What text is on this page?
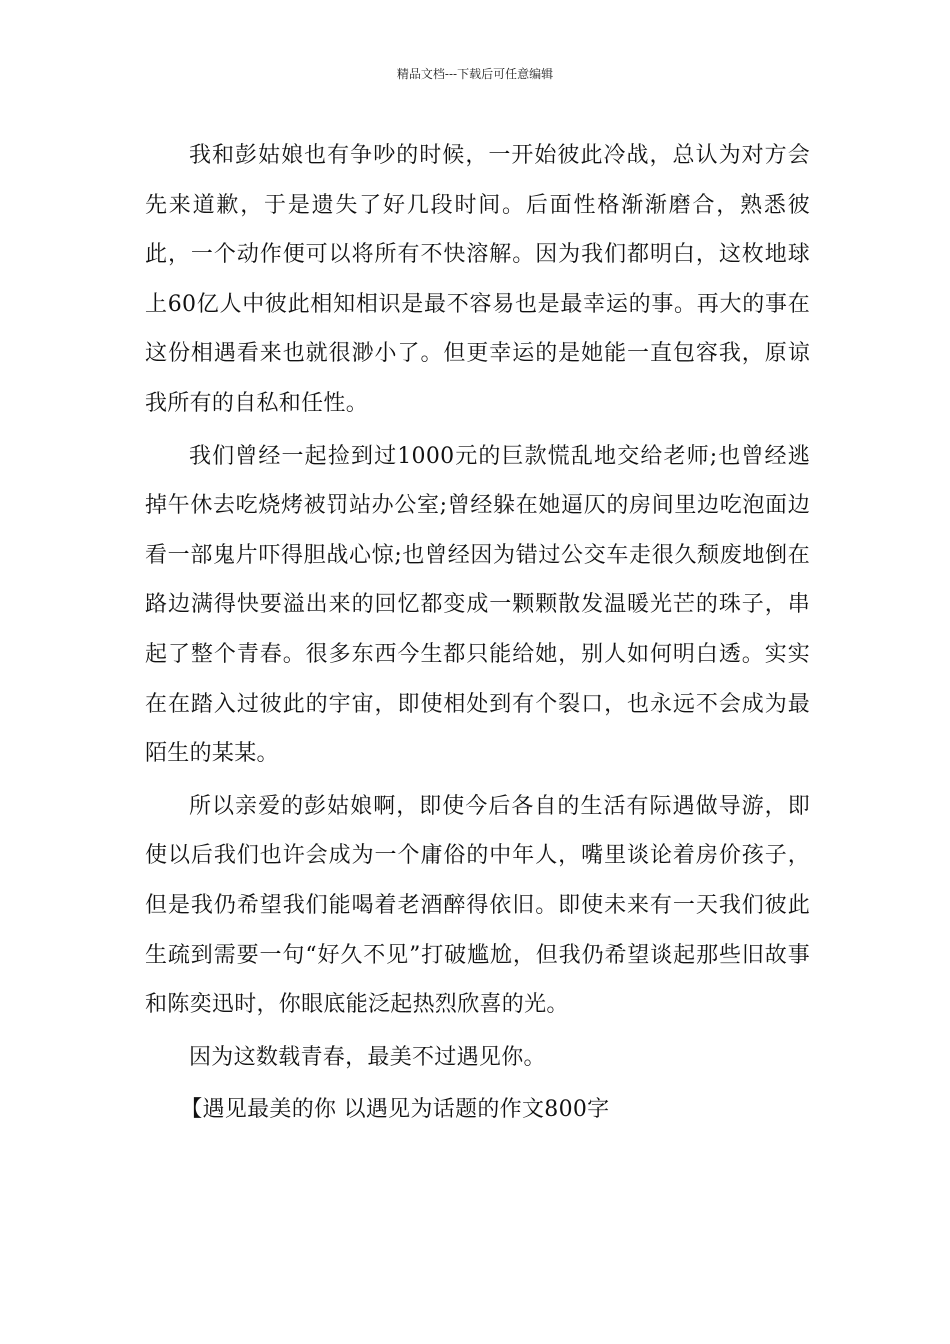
精品文档---下载后可任意编辑

我和彭姑娘也有争吵的时候，一开始彼此冷战，总认为对方会先来道歉，于是遗失了好几段时间。后面性格渐渐磨合，熟悉彼此，一个动作便可以将所有不快溶解。因为我们都明白，这枚地球上60亿人中彼此相知相识是最不容易也是最幸运的事。再大的事在这份相遇看来也就很渺小了。但更幸运的是她能一直包容我，原谅我所有的自私和任性。

我们曾经一起捡到过1000元的巨款慌乱地交给老师;也曾经逃掉午休去吃烧烤被罚站办公室;曾经躲在她逼仄的房间里边吃泡面边看一部鬼片吓得胆战心惊;也曾经因为错过公交车走很久颓废地倒在路边满得快要溢出来的回忆都变成一颗颗散发温暖光芒的珠子，串起了整个青春。很多东西今生都只能给她，别人如何明白透。实实在在踏入过彼此的宇宙，即使相处到有个裂口，也永远不会成为最陌生的某某。

所以亲爱的彭姑娘啊，即使今后各自的生活有际遇做导游，即使以后我们也许会成为一个庸俗的中年人，嘴里谈论着房价孩子，但是我仍希望我们能喝着老酒醉得依旧。即使未来有一天我们彼此生疏到需要一句“好久不见”打破尴尬，但我仍希望谈起那些旧故事和陈奕迅时，你眼底能泛起热烈欣喜的光。

因为这数载青春，最美不过遇见你。

【遇见最美的你 以遇见为话题的作文800字
